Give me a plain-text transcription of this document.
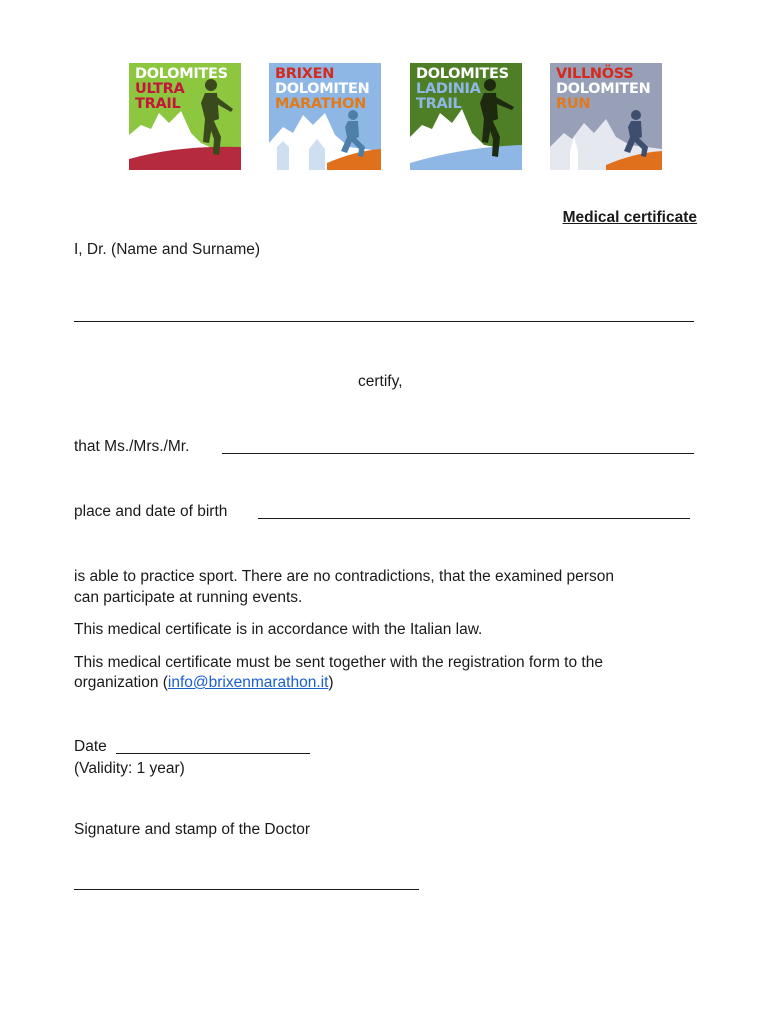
DOLOMITES
ULTRA
TRAIL
BRIXEN
DOLOMITEN
MARATHON
DOLOMITES
LADINIA
TRAIL
VILLNÖSS
DOLOMITEN
RUN
Medical certificate
I, Dr. (Name and Surname)
certify,
that Ms./Mrs./Mr.
place and date of birth
is able to practice sport. There are no contradictions, that the examined person
can participate at running events.
This medical certificate is in accordance with the Italian law.
This medical certificate must be sent together with the registration form to the
organization (info@brixenmarathon.it)
Date
(Validity: 1 year)
Signature and stamp of the Doctor
